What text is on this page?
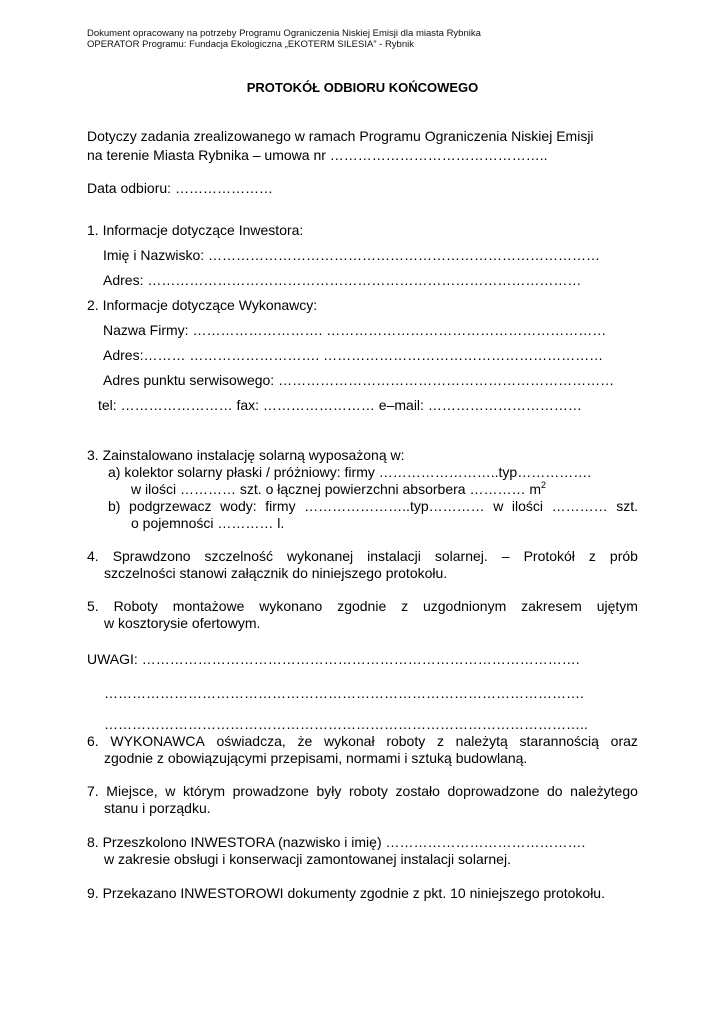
Dokument opracowany na potrzeby Programu Ograniczenia Niskiej Emisji dla miasta Rybnika
OPERATOR Programu: Fundacja Ekologiczna „EKOTERM SILESIA” - Rybnik
PROTOKÓŁ ODBIORU KOŃCOWEGO
Dotyczy zadania zrealizowanego w ramach Programu Ograniczenia Niskiej Emisji
na terenie Miasta Rybnika – umowa nr ………………………………………..
Data odbioru: …………………
1. Informacje dotyczące Inwestora:
Imię i Nazwisko: …………………………………………………………………………
Adres: …………………………………………………………………………………
2. Informacje dotyczące Wykonawcy:
Nazwa Firmy: ………………………. ……………………………………………………
Adres:……… ………………………. ……………………………………………………
Adres punktu serwisowego: ………………………………………………………………
tel: …………………… fax: …………………… e–mail: ……………………………
3. Zainstalowano instalację solarną wyposażoną w:
a) kolektor solarny płaski / próżniowy: firmy ……………………..typ…………….
w ilości ………… szt. o łącznej powierzchni absorbera ………… $m^2$
b) podgrzewacz wody: firmy …………………..typ………… w ilości ………… szt.
o pojemności ………… l.
4. Sprawdzono szczelność wykonanej instalacji solarnej. – Protokół z prób
szczelności stanowi załącznik do niniejszego protokołu.
5. Roboty montażowe wykonano zgodnie z uzgodnionym zakresem ujętym
w kosztorysie ofertowym.
UWAGI: ………………………………………………………………………………….
………………………………………………………………………………………….
…………………………………………………………………………………………..
6. WYKONAWCA oświadcza, że wykonał roboty z należytą starannością oraz
zgodnie z obowiązującymi przepisami, normami i sztuką budowlaną.
7. Miejsce, w którym prowadzone były roboty zostało doprowadzone do należytego
stanu i porządku.
8. Przeszkolono INWESTORA (nazwisko i imię) …………………………………….
w zakresie obsługi i konserwacji zamontowanej instalacji solarnej.
9. Przekazano INWESTOROWI dokumenty zgodnie z pkt. 10 niniejszego protokołu.
